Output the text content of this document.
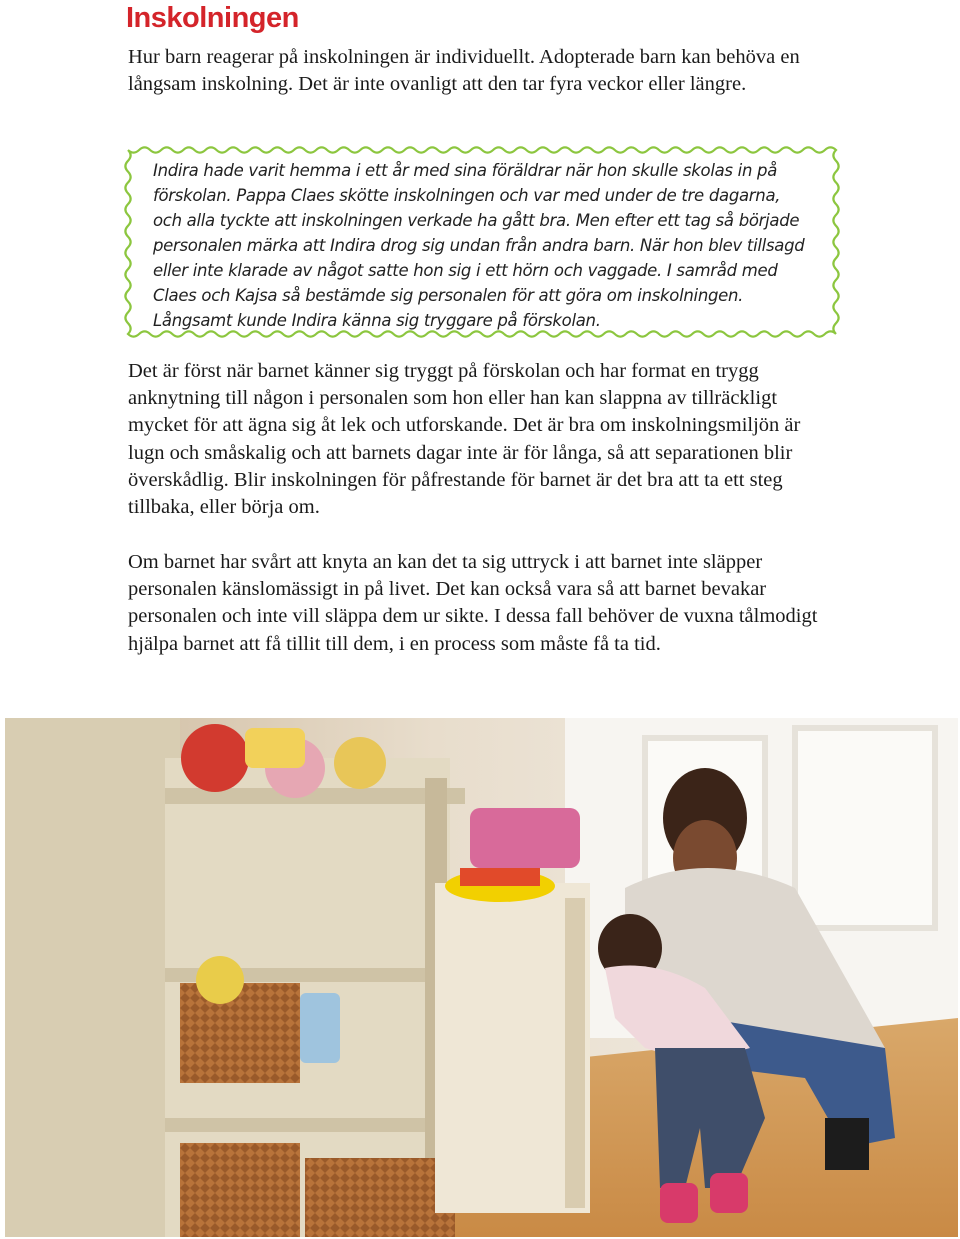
Inskolningen
Hur barn reagerar på inskolningen är individuellt. Adopterade barn kan behöva en långsam inskolning. Det är inte ovanligt att den tar fyra veckor eller längre.
Indira hade varit hemma i ett år med sina föräldrar när hon skulle skolas in på förskolan. Pappa Claes skötte inskolningen och var med under de tre dagarna, och alla tyckte att inskolningen verkade ha gått bra. Men efter ett tag så började personalen märka att Indira drog sig undan från andra barn. När hon blev tillsagd eller inte klarade av något satte hon sig i ett hörn och vaggade. I samråd med Claes och Kajsa så bestämde sig personalen för att göra om inskolningen. Långsamt kunde Indira känna sig tryggare på förskolan.
Det är först när barnet känner sig tryggt på förskolan och har format en trygg anknytning till någon i personalen som hon eller han kan slappna av tillräckligt mycket för att ägna sig åt lek och utforskande. Det är bra om inskolningsmiljön är lugn och småskalig och att barnets dagar inte är för långa, så att separationen blir överskådlig. Blir inskolningen för påfrestande för barnet är det bra att ta ett steg tillbaka, eller börja om.
Om barnet har svårt att knyta an kan det ta sig uttryck i att barnet inte släpper personalen känslomässigt in på livet. Det kan också vara så att barnet bevakar personalen och inte vill släppa dem ur sikte. I dessa fall behöver de vuxna tålmodigt hjälpa barnet att få tillit till dem, i en process som måste få ta tid.
